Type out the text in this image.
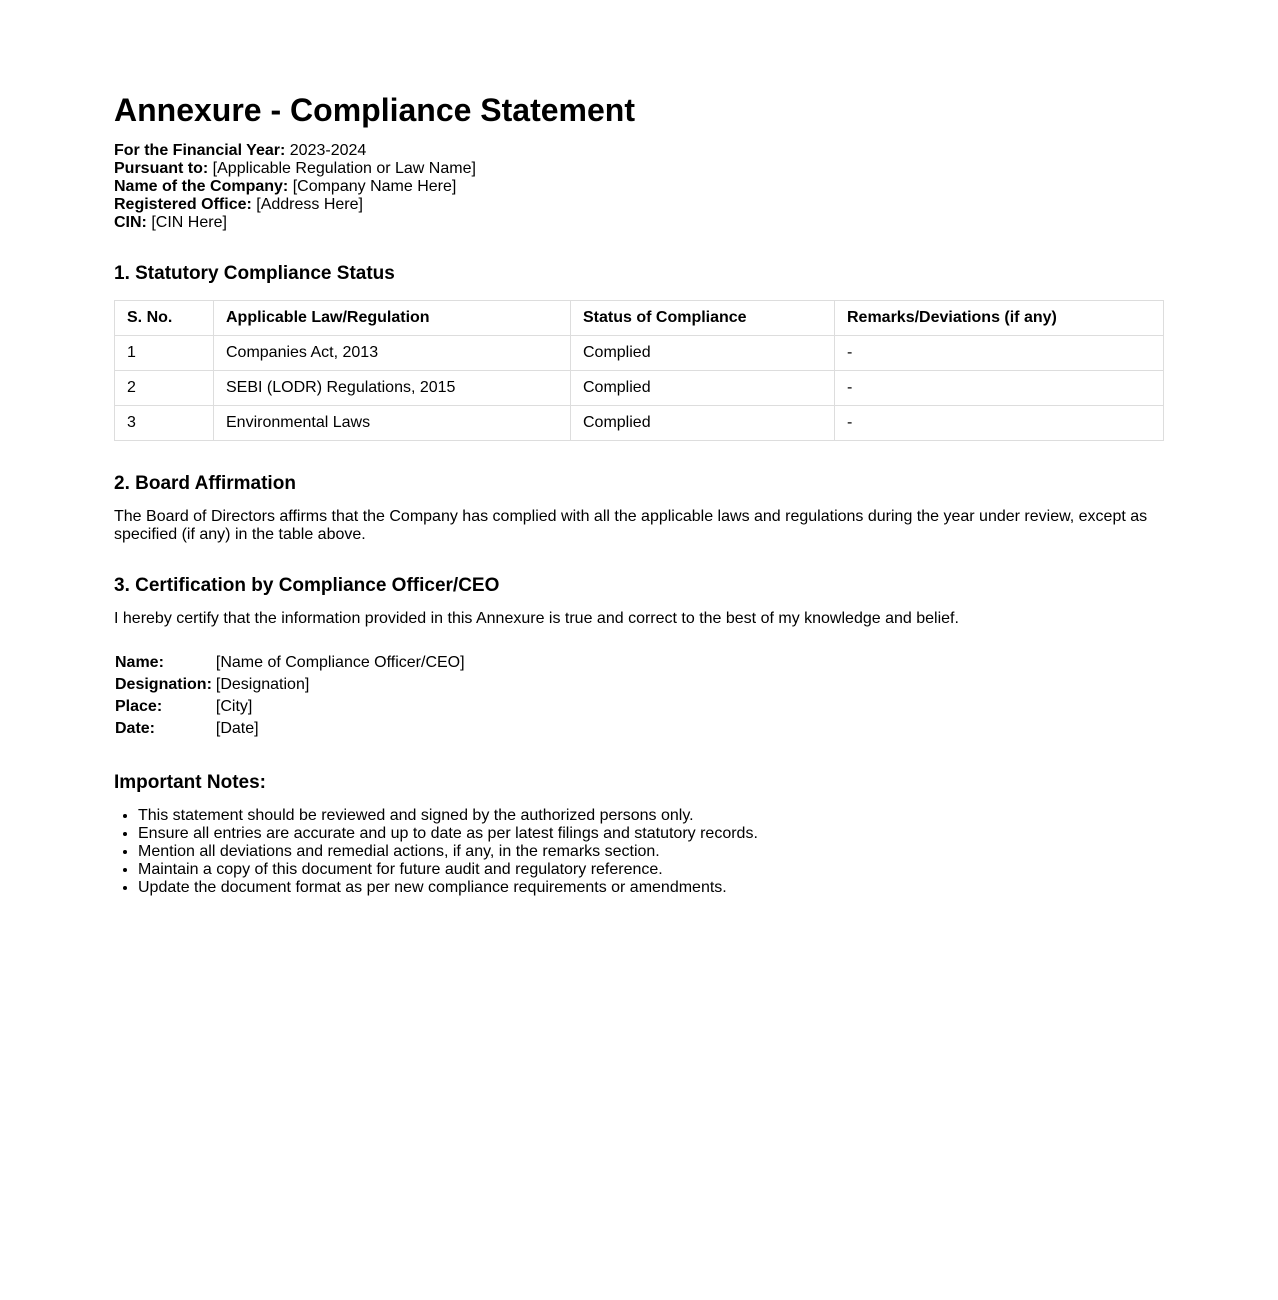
Annexure - Compliance Statement
For the Financial Year: 2023-2024
Pursuant to: [Applicable Regulation or Law Name]
Name of the Company: [Company Name Here]
Registered Office: [Address Here]
CIN: [CIN Here]
1. Statutory Compliance Status
S. No.	Applicable Law/Regulation	Status of Compliance	Remarks/Deviations (if any)
1	Companies Act, 2013	Complied	-
2	SEBI (LODR) Regulations, 2015	Complied	-
3	Environmental Laws	Complied	-
2. Board Affirmation

The Board of Directors affirms that the Company has complied with all the applicable laws and regulations during the year under review, except as specified (if any) in the table above.

3. Certification by Compliance Officer/CEO

I hereby certify that the information provided in this Annexure is true and correct to the best of my knowledge and belief.

Name:	[Name of Compliance Officer/CEO]
Designation:	[Designation]
Place:	[City]
Date:	[Date]
Important Notes:
• This statement should be reviewed and signed by the authorized persons only.
• Ensure all entries are accurate and up to date as per latest filings and statutory records.
• Mention all deviations and remedial actions, if any, in the remarks section.
• Maintain a copy of this document for future audit and regulatory reference.
• Update the document format as per new compliance requirements or amendments.
